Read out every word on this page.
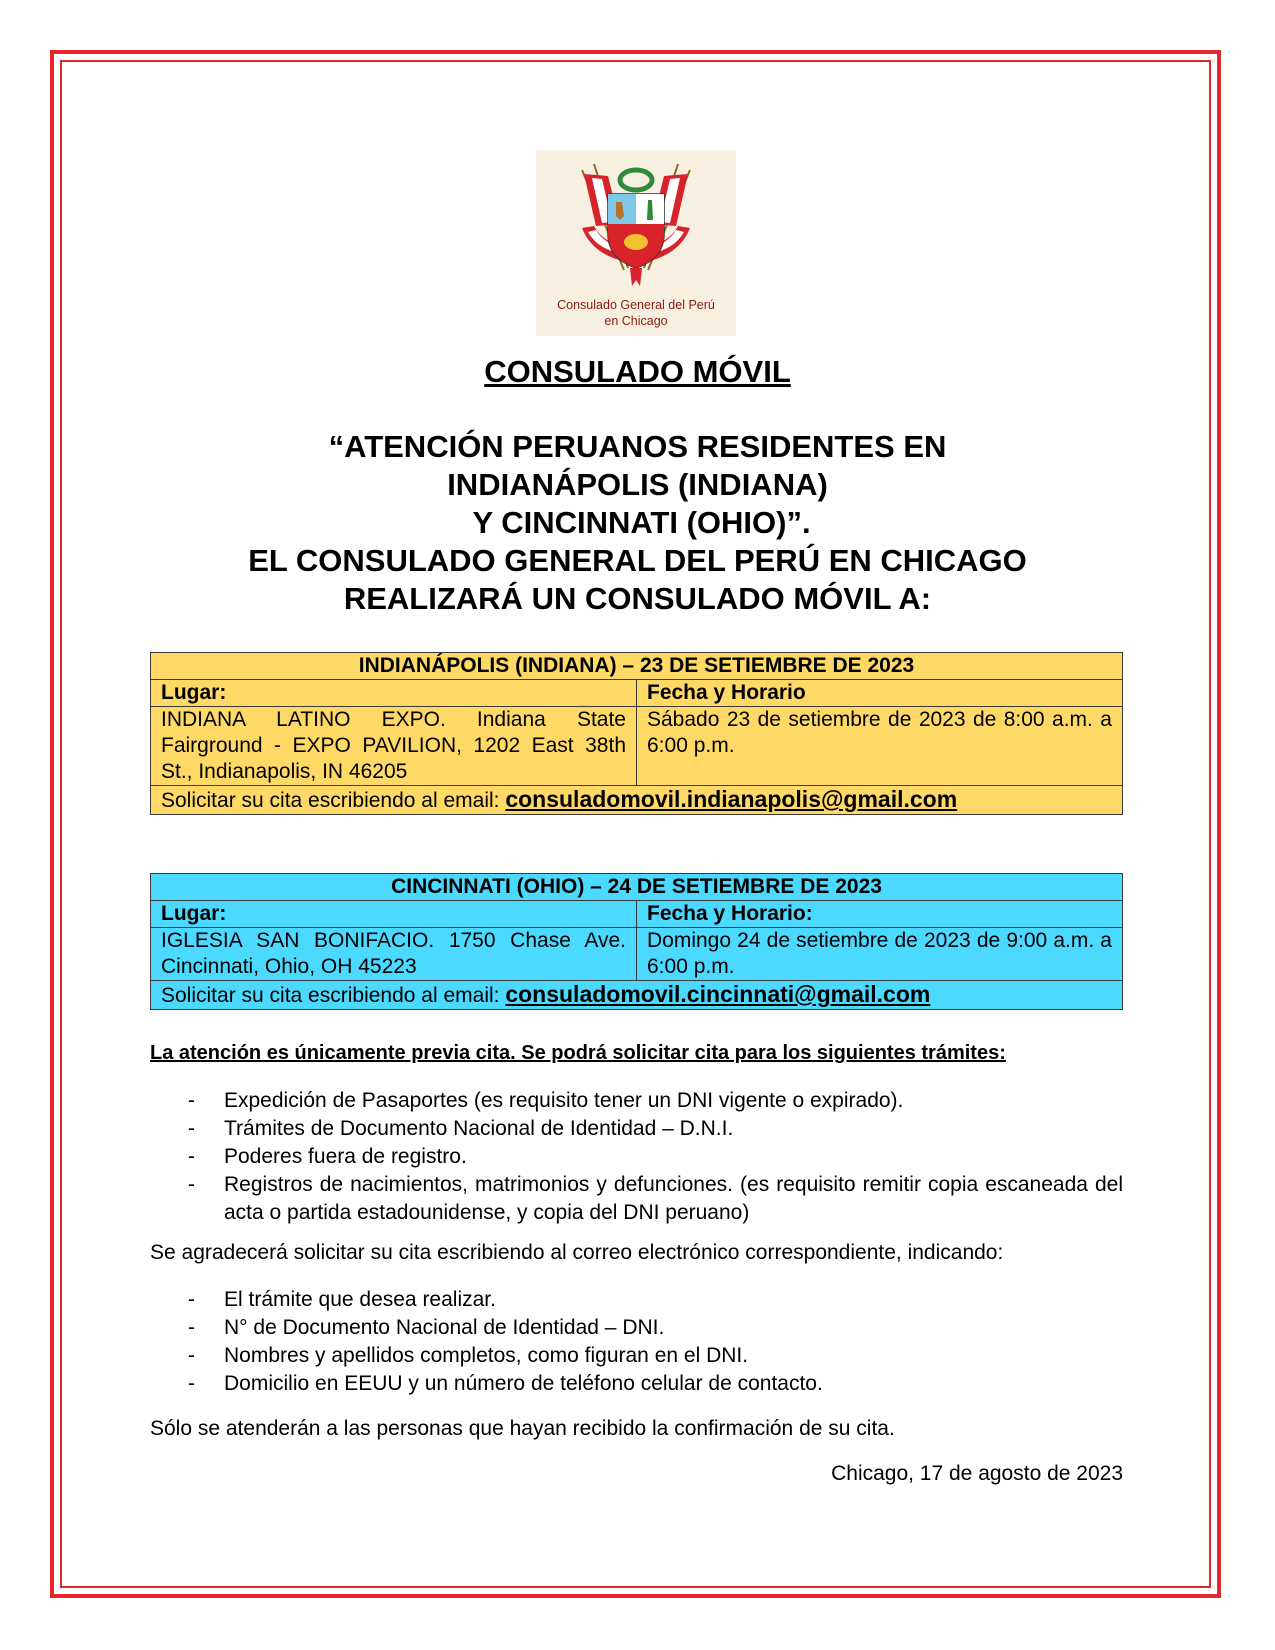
Consulado General del Perú
en Chicago
CONSULADO MÓVIL
“ATENCIÓN PERUANOS RESIDENTES EN
INDIANÁPOLIS (INDIANA)
Y CINCINNATI (OHIO)”.
EL CONSULADO GENERAL DEL PERÚ EN CHICAGO
REALIZARÁ UN CONSULADO MÓVIL A:
INDIANÁPOLIS (INDIANA) – 23 DE SETIEMBRE DE 2023	
Lugar:	Fecha y Horario
INDIANA LATINO EXPO. Indiana State Fairground - EXPO PAVILION, 1202 East 38th St., Indianapolis, IN 46205	Sábado 23 de setiembre de 2023 de 8:00 a.m. a 6:00 p.m.
Solicitar su cita escribiendo al email: consuladomovil.indianapolis@gmail.com	
CINCINNATI (OHIO) – 24 DE SETIEMBRE DE 2023	
Lugar:	Fecha y Horario:
IGLESIA SAN BONIFACIO. 1750 Chase Ave. Cincinnati, Ohio, OH 45223	Domingo 24 de setiembre de 2023 de 9:00 a.m. a 6:00 p.m.
Solicitar su cita escribiendo al email: consuladomovil.cincinnati@gmail.com	
La atención es únicamente previa cita. Se podrá solicitar cita para los siguientes trámites:
- Expedición de Pasaportes (es requisito tener un DNI vigente o expirado).
- Trámites de Documento Nacional de Identidad – D.N.I.
- Poderes fuera de registro.
- Registros de nacimientos, matrimonios y defunciones. (es requisito remitir copia escaneada del acta o partida estadounidense, y copia del DNI peruano)
Se agradecerá solicitar su cita escribiendo al correo electrónico correspondiente, indicando:
- El trámite que desea realizar.
- N° de Documento Nacional de Identidad – DNI.
- Nombres y apellidos completos, como figuran en el DNI.
- Domicilio en EEUU y un número de teléfono celular de contacto.
Sólo se atenderán a las personas que hayan recibido la confirmación de su cita.
Chicago, 17 de agosto de 2023
